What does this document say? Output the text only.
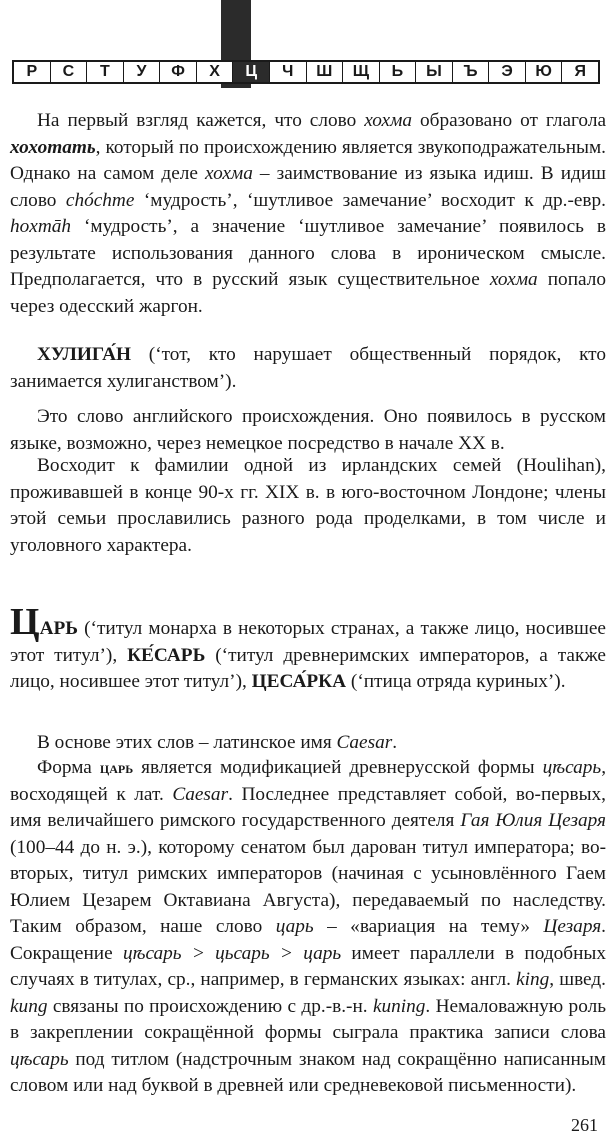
Р	С	Т	У	Ф	Х	Ц	Ч	Ш	Щ	Ь	Ы	Ъ	Э	Ю	Я

На первый взгляд кажется, что слово хохма образовано от глагола хохотать, который по происхождению является звукоподражательным. Однако на самом деле хохма – заимствование из языка идиш. В идиш слово chóchme ‘мудрость’, ‘шутливое замечание’ восходит к др.-евр. hoxmāh ‘мудрость’, а значение ‘шутливое замечание’ появилось в результате использования данного слова в ироническом смысле. Предполагается, что в русский язык существительное хохма попало через одесский жаргон.

ХУЛИГА́Н (‘тот, кто нарушает общественный порядок, кто занимается хулиганством’).

Это слово английского происхождения. Оно появилось в русском языке, возможно, через немецкое посредство в начале XX в.

Восходит к фамилии одной из ирландских семей (Houlihan), проживавшей в конце 90-х гг. XIX в. в юго-восточном Лондоне; члены этой семьи прославились разного рода проделками, в том числе и уголовного характера.

ЦАРЬ (‘титул монарха в некоторых странах, а также лицо, носившее этот титул’), КЕ́САРЬ (‘титул древнеримских императоров, а также лицо, носившее этот титул’), ЦЕСА́РКА (‘птица отряда куриных’).

В основе этих слов – латинское имя Caesar.

Форма царь является модификацией древнерусской формы цѣсарь, восходящей к лат. Caesar. Последнее представляет собой, во-первых, имя величайшего римского государственного деятеля Гая Юлия Цезаря (100–44 до н. э.), которому сенатом был дарован титул императора; во-вторых, титул римских императоров (начиная с усыновлённого Гаем Юлием Цезарем Октавиана Августа), передаваемый по наследству. Таким образом, наше слово царь – «вариация на тему» Цезаря. Сокращение цѣсарь > цьсарь > царь имеет параллели в подобных случаях в титулах, ср., например, в германских языках: англ. king, швед. kung связаны по происхождению с др.-в.-н. kuning. Немаловажную роль в закреплении сокращённой формы сыграла практика записи слова цѣсарь под титлом (надстрочным знаком над сокращённо написанным словом или над буквой в древней или средневековой письменности).

261
